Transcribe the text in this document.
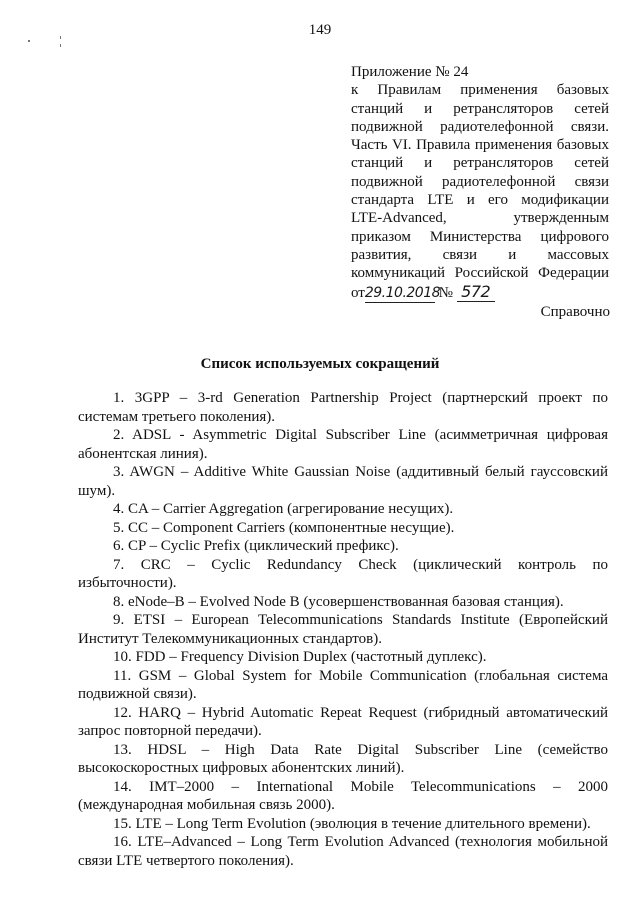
149
Приложение № 24
к Правилам применения базовых
станций и ретрансляторов сетей
подвижной радиотелефонной связи.
Часть VI. Правила применения базовых
станций и ретрансляторов сетей
подвижной радиотелефонной связи
стандарта LTE и его модификации
LTE-Advanced, утвержденным
приказом Министерства цифрового
развития, связи и массовых
коммуникаций Российской Федерации
от29.10.2018 № 572
Справочно
Список используемых сокращений

1. 3GPP – 3-rd Generation Partnership Project (партнерский проект по системам третьего поколения).

2. ADSL - Asymmetric Digital Subscriber Line (асимметричная цифровая абонентская линия).

3. AWGN – Additive White Gaussian Noise (аддитивный белый гауссовский шум).

4. CA – Carrier Aggregation (агрегирование несущих).

5. CC – Component Carriers (компонентные несущие).

6. CP – Cyclic Prefix (циклический префикс).

7. CRC – Cyclic Redundancy Check (циклический контроль по избыточности).

8. eNode–B – Evolved Node B (усовершенствованная базовая станция).

9. ETSI – European Telecommunications Standards Institute (Европейский Институт Телекоммуникационных стандартов).

10. FDD – Frequency Division Duplex (частотный дуплекс).

11. GSM – Global System for Mobile Communication (глобальная система подвижной связи).

12. HARQ – Hybrid Automatic Repeat Request (гибридный автоматический запрос повторной передачи).

13. HDSL – High Data Rate Digital Subscriber Line (семейство высокоскоростных цифровых абонентских линий).

14. IMT–2000 – International Mobile Telecommunications – 2000 (международная мобильная связь 2000).

15. LTE – Long Term Evolution (эволюция в течение длительного времени).

16. LTE–Advanced – Long Term Evolution Advanced (технология мобильной связи LTE четвертого поколения).
